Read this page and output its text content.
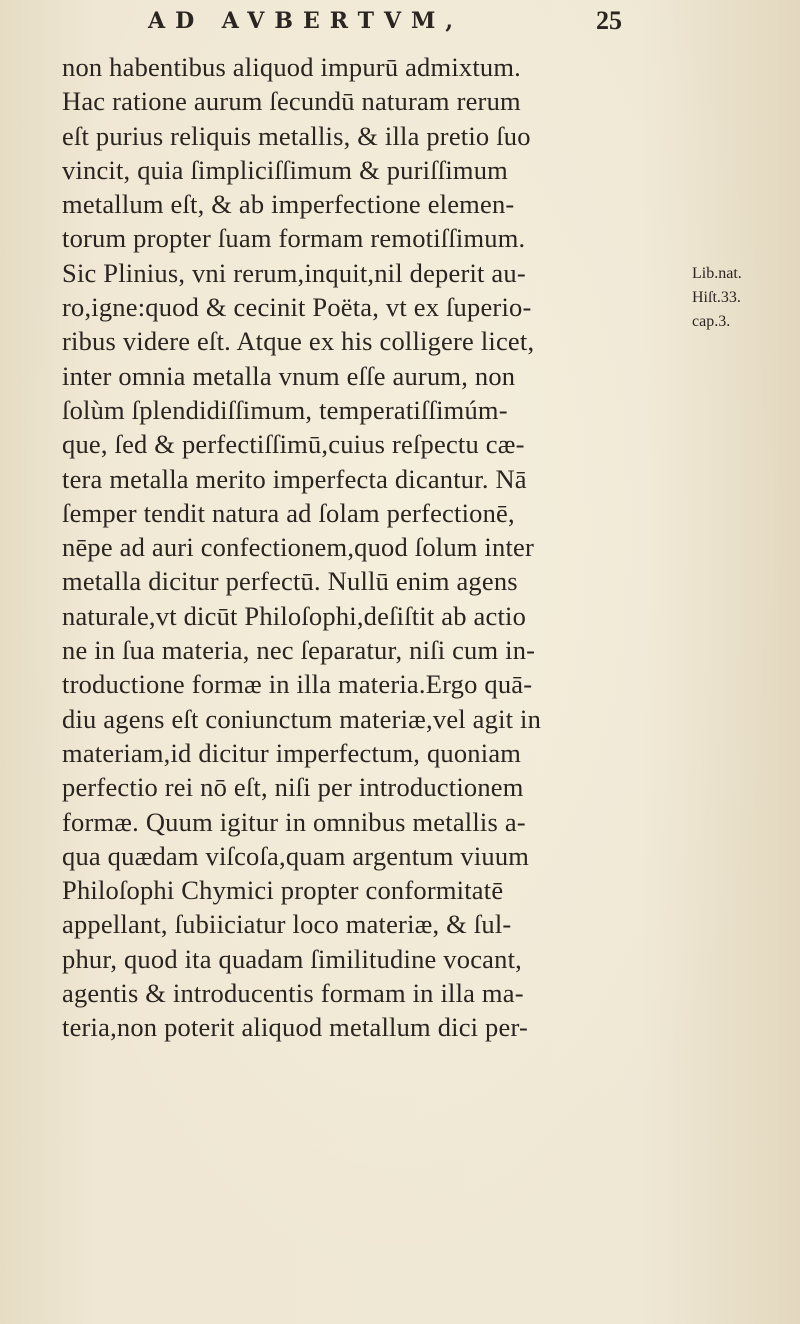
AD AVBERTVM,	25
non habentibus aliquod impurū admixtum.
Hac ratione aurum ſecundū naturam rerum
eſt purius reliquis metallis, & illa pretio ſuo
vincit, quia ſimpliciſſimum & puriſſimum
metallum eſt, & ab imperfectione elemen-
torum propter ſuam formam remotiſſimum.
Sic Plinius, vni rerum,inquit,nil deperit au-
ro,igne:quod & cecinit Poëta, vt ex ſuperio-
ribus videre eſt. Atque ex his colligere licet,
inter omnia metalla vnum eſſe aurum, non
ſolùm ſplendidiſſimum, temperatiſſimúm-
que, ſed & perfectiſſimū,cuius reſpectu cæ-
tera metalla merito imperfecta dicantur. Nā
ſemper tendit natura ad ſolam perfectionē,
nēpe ad auri confectionem,quod ſolum inter
metalla dicitur perfectū. Nullū enim agens
naturale,vt dicūt Philoſophi,deſiſtit ab actio
ne in ſua materia, nec ſeparatur, niſi cum in-
troductione formæ in illa materia.Ergo quā-
diu agens eſt coniunctum materiæ,vel agit in
materiam,id dicitur imperfectum, quoniam
perfectio rei nō eſt, niſi per introductionem
formæ. Quum igitur in omnibus metallis a-
qua quædam viſcoſa,quam argentum viuum
Philoſophi Chymici propter conformitatē
appellant, ſubiiciatur loco materiæ, & ſul-
phur, quod ita quadam ſimilitudine vocant,
agentis & introducentis formam in illa ma-
teria,non poterit aliquod metallum dici per-
Lib.nat.
Hiſt.33.
cap.3.
